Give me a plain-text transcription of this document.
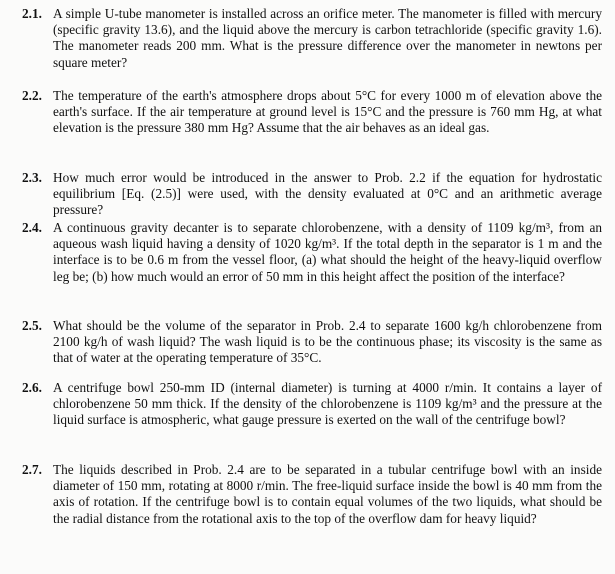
2.1. A simple U-tube manometer is installed across an orifice meter. The manometer is filled with mercury (specific gravity 13.6), and the liquid above the mercury is carbon tetrachloride (specific gravity 1.6). The manometer reads 200 mm. What is the pressure difference over the manometer in newtons per square meter?
2.2. The temperature of the earth's atmosphere drops about 5°C for every 1000 m of elevation above the earth's surface. If the air temperature at ground level is 15°C and the pressure is 760 mm Hg, at what elevation is the pressure 380 mm Hg? Assume that the air behaves as an ideal gas.
2.3. How much error would be introduced in the answer to Prob. 2.2 if the equation for hydrostatic equilibrium [Eq. (2.5)] were used, with the density evaluated at 0°C and an arithmetic average pressure?
2.4. A continuous gravity decanter is to separate chlorobenzene, with a density of 1109 kg/m³, from an aqueous wash liquid having a density of 1020 kg/m³. If the total depth in the separator is 1 m and the interface is to be 0.6 m from the vessel floor, (a) what should the height of the heavy-liquid overflow leg be; (b) how much would an error of 50 mm in this height affect the position of the interface?
2.5. What should be the volume of the separator in Prob. 2.4 to separate 1600 kg/h chlorobenzene from 2100 kg/h of wash liquid? The wash liquid is to be the continuous phase; its viscosity is the same as that of water at the operating temperature of 35°C.
2.6. A centrifuge bowl 250-mm ID (internal diameter) is turning at 4000 r/min. It contains a layer of chlorobenzene 50 mm thick. If the density of the chlorobenzene is 1109 kg/m³ and the pressure at the liquid surface is atmospheric, what gauge pressure is exerted on the wall of the centrifuge bowl?
2.7. The liquids described in Prob. 2.4 are to be separated in a tubular centrifuge bowl with an inside diameter of 150 mm, rotating at 8000 r/min. The free-liquid surface inside the bowl is 40 mm from the axis of rotation. If the centrifuge bowl is to contain equal volumes of the two liquids, what should be the radial distance from the rotational axis to the top of the overflow dam for heavy liquid?
